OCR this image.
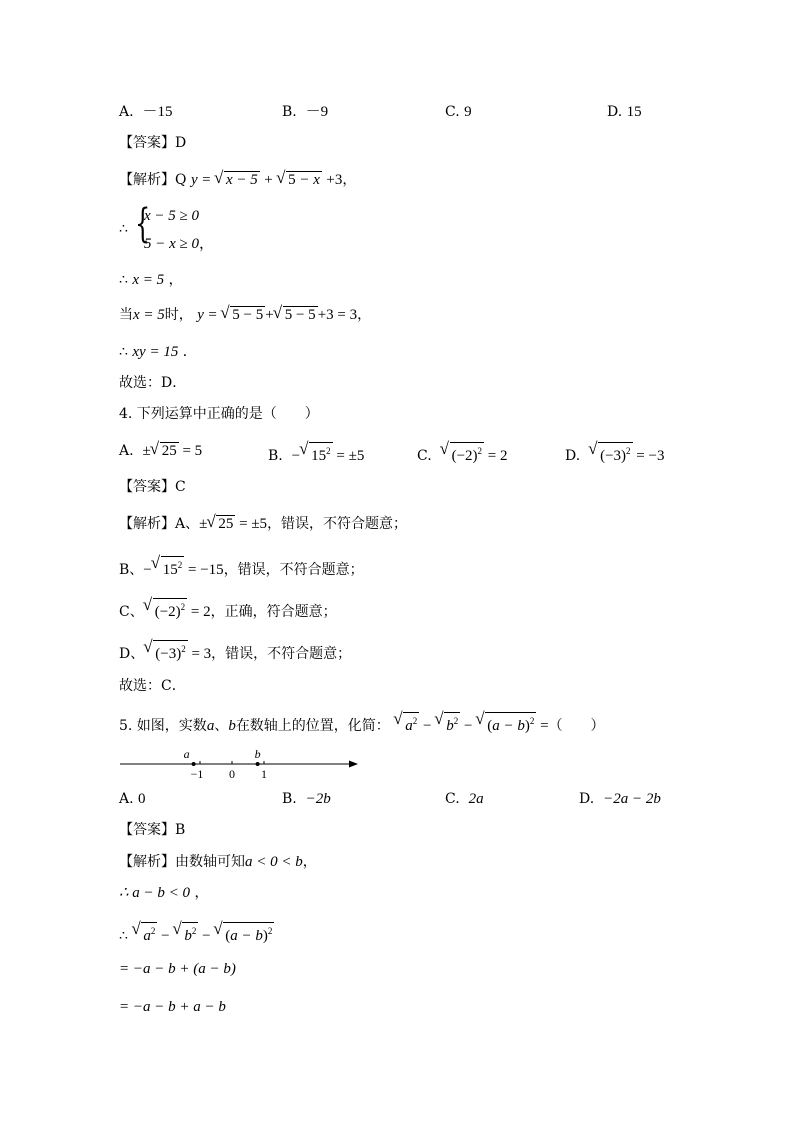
A. －15	B. －9	C. 9	D. 15
【答案】D
【解析】Q y = √ x − 5 + √ 5 − x +3，
∴ {
x − 5 ≥ 0
5 − x ≥ 0，
∴ x = 5 ，
当x = 5时， y = √ 5 − 5 + √ 5 − 5 +3 = 3，
∴ xy = 15 ．
故选：D．
4. 下列运算中正确的是（　　）
A. ± √ 25 = 5	B. − √ $15^2 = \pm 5$	C. √ $(-2)^2 = 2$	D. √ $(-3)^2 = -3$
【答案】C
【解析】A、± √ 25 = ±5，错误，不符合题意；
B、− √ $15^2 = -15$，错误，不符合题意；
C、 √ $(-2)^2 = 2$，正确，符合题意；
D、 √ $(-3)^2 = 3$，错误，不符合题意；
故选：C．
5. 如图，实数a、b在数轴上的位置，化简： √ $a^2$ − √ $b^2$ − √ $(a - b)^2$ =（　　）
a	b
−1 0 1
A. 0	B. −2b	C. 2a	D. −2a − 2b
【答案】B
【解析】由数轴可知a < 0 < b，
∴ a − b < 0 ，
∴ √ $a^2$ − √ $b^2$ − √ $(a - b)^2$
= −a − b + (a − b)
= −a − b + a − b
